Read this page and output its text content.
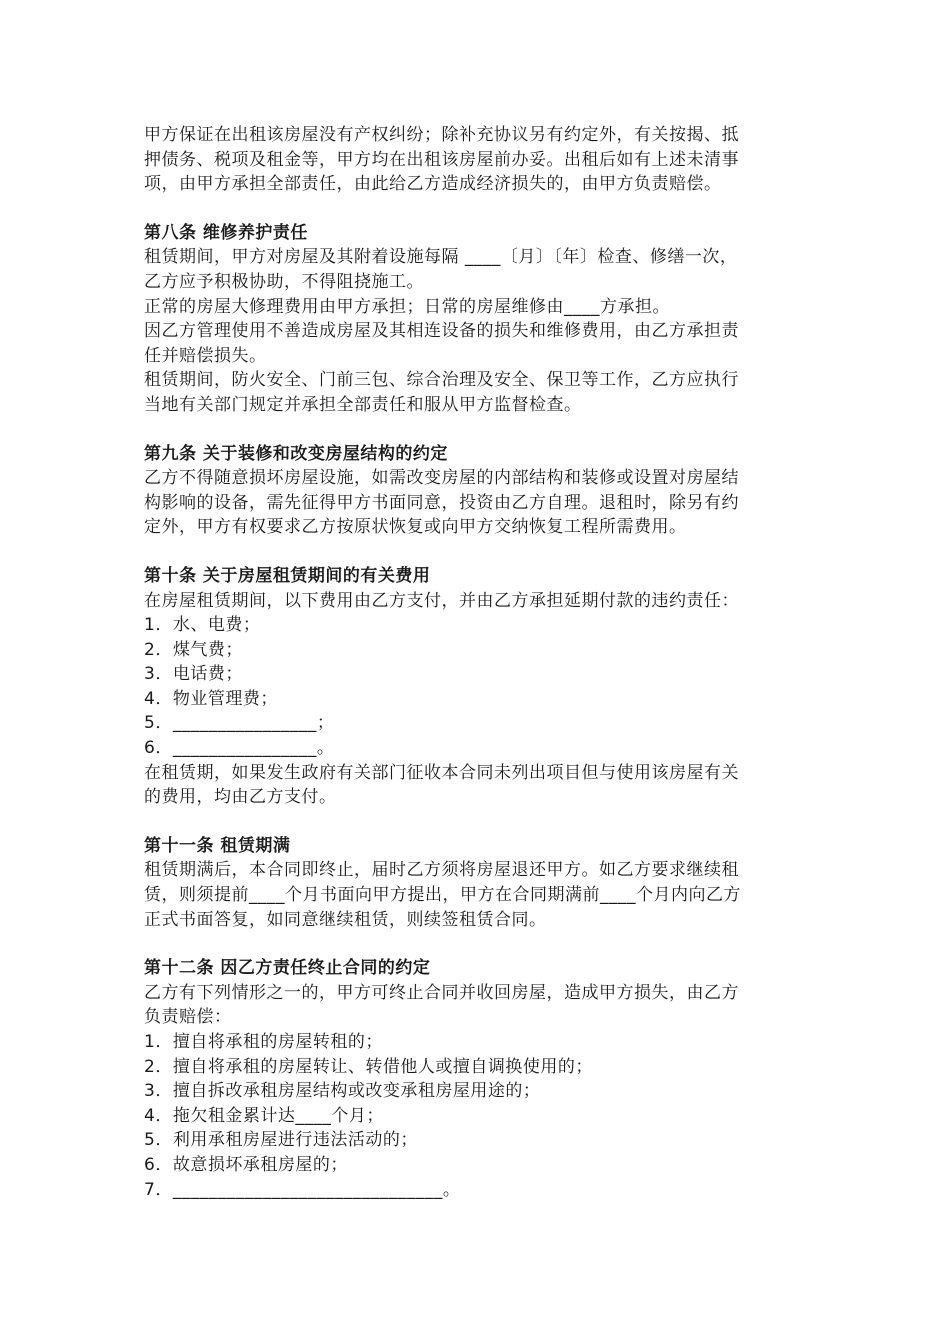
甲方保证在出租该房屋没有产权纠纷；除补充协议另有约定外，有关按揭、抵
押债务、税项及租金等，甲方均在出租该房屋前办妥。出租后如有上述未清事
项，由甲方承担全部责任，由此给乙方造成经济损失的，由甲方负责赔偿。
第八条 维修养护责任
租赁期间，甲方对房屋及其附着设施每隔 ____〔月〕〔年〕检查、修缮一次，
乙方应予积极协助，不得阻挠施工。
正常的房屋大修理费用由甲方承担；日常的房屋维修由____方承担。
因乙方管理使用不善造成房屋及其相连设备的损失和维修费用，由乙方承担责
任并赔偿损失。
租赁期间，防火安全、门前三包、综合治理及安全、保卫等工作，乙方应执行
当地有关部门规定并承担全部责任和服从甲方监督检查。
第九条 关于装修和改变房屋结构的约定
乙方不得随意损坏房屋设施，如需改变房屋的内部结构和装修或设置对房屋结
构影响的设备，需先征得甲方书面同意，投资由乙方自理。退租时，除另有约
定外，甲方有权要求乙方按原状恢复或向甲方交纳恢复工程所需费用。
第十条 关于房屋租赁期间的有关费用
在房屋租赁期间，以下费用由乙方支付，并由乙方承担延期付款的违约责任：
1．水、电费；
2．煤气费；
3．电话费；
4．物业管理费；
5．________________；
6．________________。
在租赁期，如果发生政府有关部门征收本合同未列出项目但与使用该房屋有关
的费用，均由乙方支付。
第十一条 租赁期满
租赁期满后，本合同即终止，届时乙方须将房屋退还甲方。如乙方要求继续租
赁，则须提前____个月书面向甲方提出，甲方在合同期满前____个月内向乙方
正式书面答复，如同意继续租赁，则续签租赁合同。
第十二条 因乙方责任终止合同的约定
乙方有下列情形之一的，甲方可终止合同并收回房屋，造成甲方损失，由乙方
负责赔偿：
1．擅自将承租的房屋转租的；
2．擅自将承租的房屋转让、转借他人或擅自调换使用的；
3．擅自拆改承租房屋结构或改变承租房屋用途的；
4．拖欠租金累计达____个月；
5．利用承租房屋进行违法活动的；
6．故意损坏承租房屋的；
7．______________________________。
